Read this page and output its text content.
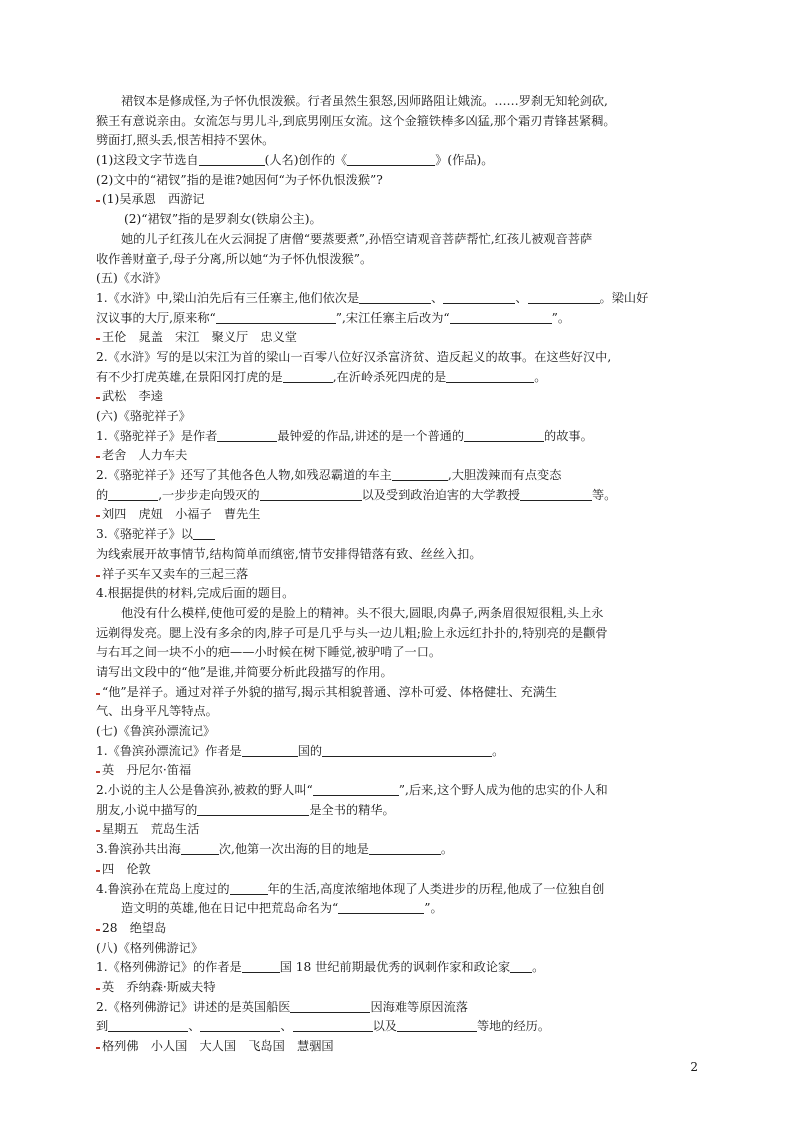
裙钗本是修成怪,为子怀仇恨泼猴。行者虽然生狠怒,因师路阻让娥流。……罗刹无知轮剑砍,
猴王有意说亲由。女流怎与男儿斗,到底男刚压女流。这个金箍铁棒多凶猛,那个霜刃青锋甚紧稠。
劈面打,照头丢,恨苦相持不罢休。
(1)这段文字节选自	(人名)创作的《	》(作品)。
(2)文中的“裙钗”指的是谁?她因何“为子怀仇恨泼猴”?
(1)吴承恩　西游记
(2)“裙钗”指的是罗刹女(铁扇公主)。
她的儿子红孩儿在火云洞捉了唐僧“要蒸要煮”,孙悟空请观音菩萨帮忙,红孩儿被观音菩萨
收作善财童子,母子分离,所以她“为子怀仇恨泼猴”。
(五)《水浒》
1.《水浒》中,梁山泊先后有三任寨主,他们依次是	、	、	。梁山好
汉议事的大厅,原来称“	”,宋江任寨主后改为“	”。
王伦　晁盖　宋江　聚义厅　忠义堂
2.《水浒》写的是以宋江为首的梁山一百零八位好汉杀富济贫、造反起义的故事。在这些好汉中,
有不少打虎英雄,在景阳冈打虎的是	,在沂岭杀死四虎的是	。
武松　李逵
(六)《骆驼祥子》
1.《骆驼祥子》是作者	最钟爱的作品,讲述的是一个普通的	的故事。
老舍　人力车夫
2.《骆驼祥子》还写了其他各色人物,如残忍霸道的车主	,大胆泼辣而有点变态
的	,一步步走向毁灭的	以及受到政治迫害的大学教授	等。
刘四　虎妞　小福子　曹先生
3.《骆驼祥子》以
为线索展开故事情节,结构简单而缜密,情节安排得错落有致、丝丝入扣。
祥子买车又卖车的三起三落
4.根据提供的材料,完成后面的题目。
他没有什么模样,使他可爱的是脸上的精神。头不很大,圆眼,肉鼻子,两条眉很短很粗,头上永
远剃得发亮。腮上没有多余的肉,脖子可是几乎与头一边儿粗;脸上永远红扑扑的,特别亮的是颧骨
与右耳之间一块不小的疤——小时候在树下睡觉,被驴啃了一口。
请写出文段中的“他”是谁,并简要分析此段描写的作用。
“他”是祥子。通过对祥子外貌的描写,揭示其相貌普通、淳朴可爱、体格健壮、充满生
气、出身平凡等特点。
(七)《鲁滨孙漂流记》
1.《鲁滨孙漂流记》作者是	国的	。
英　丹尼尔·笛福
2.小说的主人公是鲁滨孙,被救的野人叫“	”,后来,这个野人成为他的忠实的仆人和
朋友,小说中描写的	是全书的精华。
星期五　荒岛生活
3.鲁滨孙共出海	次,他第一次出海的目的地是	。
四　伦敦
4.鲁滨孙在荒岛上度过的	年的生活,高度浓缩地体现了人类进步的历程,他成了一位独自创
造文明的英雄,他在日记中把荒岛命名为“	”。
28　绝望岛
(八)《格列佛游记》
1.《格列佛游记》的作者是	国 18 世纪前期最优秀的讽刺作家和政论家 。
英　乔纳森·斯威夫特
2.《格列佛游记》讲述的是英国船医	因海难等原因流落
到	、	、	以及	等地的经历。
格列佛　小人国　大人国　飞岛国　慧骃国
2
